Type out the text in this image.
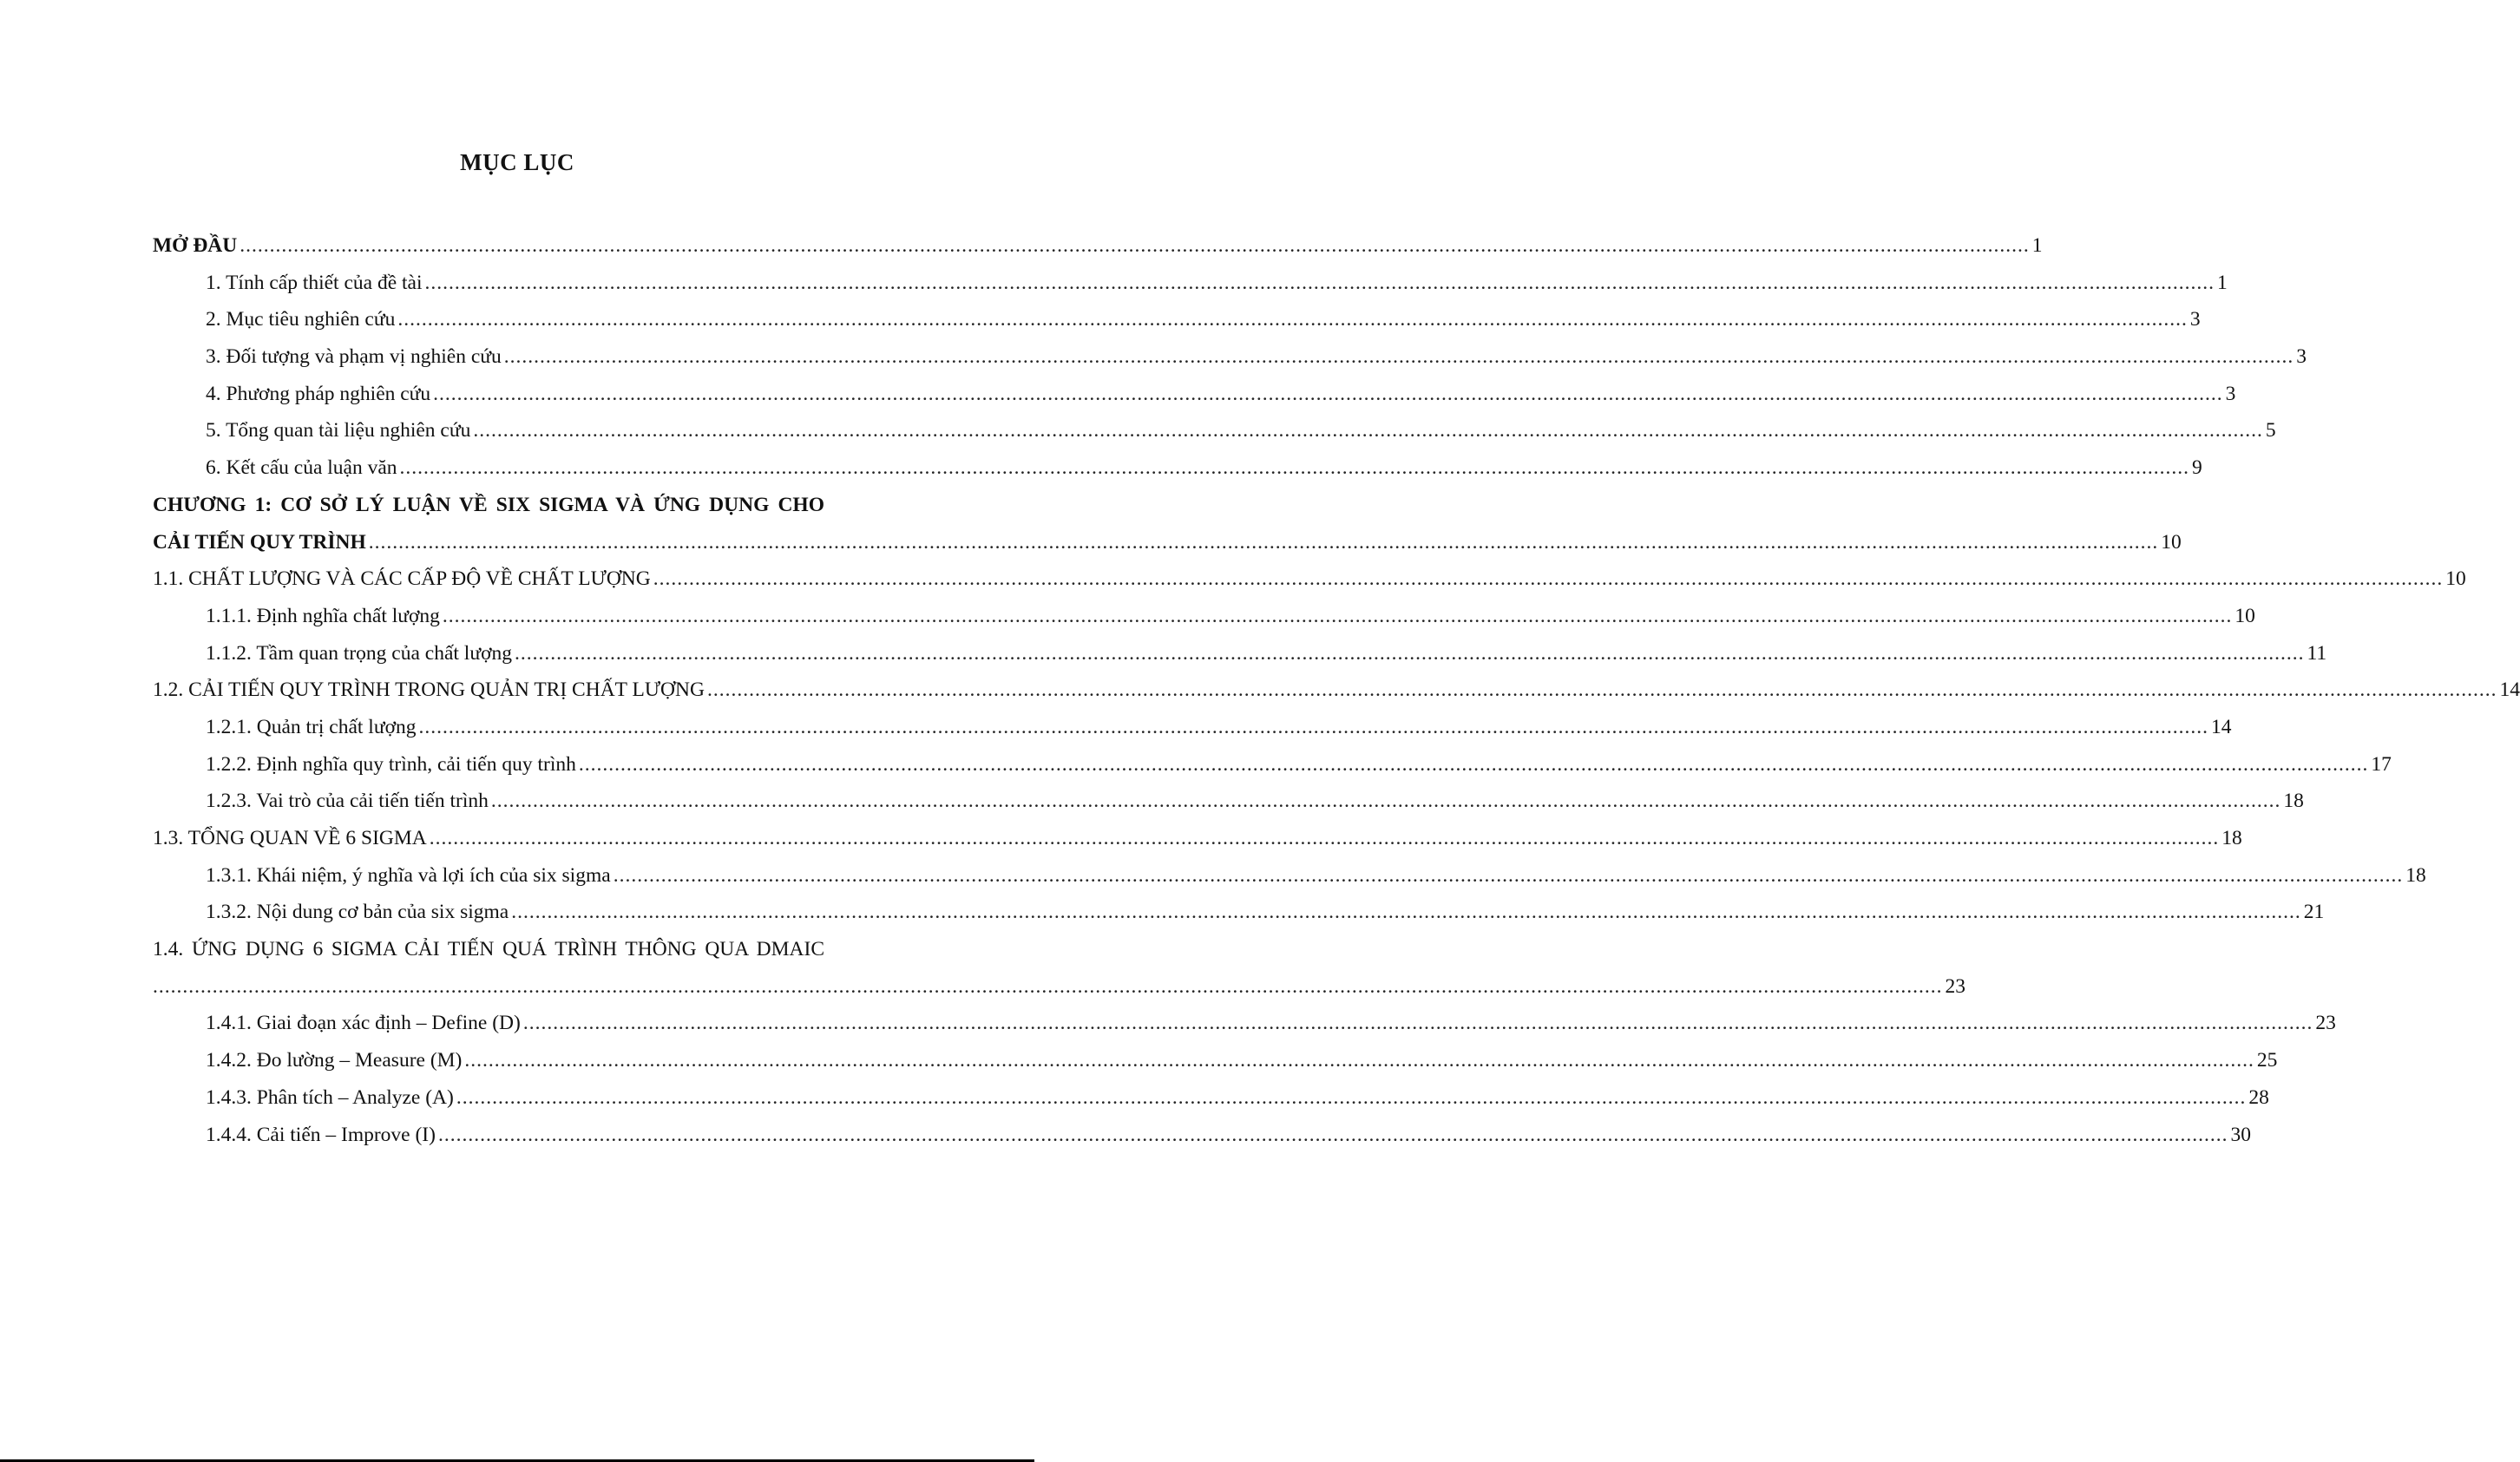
MỤC LỤC
MỞ ĐẦU ............................................................................................................................................................................................................................................................................................................ 1
1. Tính cấp thiết của đề tài ............................................................................................................................................................................................................................................................................................................ 1
2. Mục tiêu nghiên cứu ............................................................................................................................................................................................................................................................................................................ 3
3. Đối tượng và phạm vị nghiên cứu ............................................................................................................................................................................................................................................................................................................ 3
4. Phương pháp nghiên cứu ............................................................................................................................................................................................................................................................................................................ 3
5. Tổng quan tài liệu nghiên cứu ............................................................................................................................................................................................................................................................................................................ 5
6. Kết cấu của luận văn ............................................................................................................................................................................................................................................................................................................ 9
CHƯƠNG 1: CƠ SỞ LÝ LUẬN VỀ SIX SIGMA VÀ ỨNG DỤNG CHO
CẢI TIẾN QUY TRÌNH ............................................................................................................................................................................................................................................................................................................ 10
1.1. CHẤT LƯỢNG VÀ CÁC CẤP ĐỘ VỀ CHẤT LƯỢNG ............................................................................................................................................................................................................................................................................................................ 10
1.1.1. Định nghĩa chất lượng ............................................................................................................................................................................................................................................................................................................ 10
1.1.2. Tầm quan trọng của chất lượng ............................................................................................................................................................................................................................................................................................................ 11
1.2. CẢI TIẾN QUY TRÌNH TRONG QUẢN TRỊ CHẤT LƯỢNG ............................................................................................................................................................................................................................................................................................................ 14
1.2.1. Quản trị chất lượng ............................................................................................................................................................................................................................................................................................................ 14
1.2.2. Định nghĩa quy trình, cải tiến quy trình ............................................................................................................................................................................................................................................................................................................ 17
1.2.3. Vai trò của cải tiến tiến trình ............................................................................................................................................................................................................................................................................................................ 18
1.3. TỔNG QUAN VỀ 6 SIGMA ............................................................................................................................................................................................................................................................................................................ 18
1.3.1. Khái niệm, ý nghĩa và lợi ích của six sigma ............................................................................................................................................................................................................................................................................................................ 18
1.3.2. Nội dung cơ bản của six sigma ............................................................................................................................................................................................................................................................................................................ 21
1.4. ỨNG DỤNG 6 SIGMA CẢI TIẾN QUÁ TRÌNH THÔNG QUA DMAIC
............................................................................................................................................................................................................................................................................................................ 23
1.4.1. Giai đoạn xác định – Define (D) ............................................................................................................................................................................................................................................................................................................ 23
1.4.2. Đo lường – Measure (M) ............................................................................................................................................................................................................................................................................................................ 25
1.4.3. Phân tích – Analyze (A) ............................................................................................................................................................................................................................................................................................................ 28
1.4.4. Cải tiến – Improve (I) ............................................................................................................................................................................................................................................................................................................ 30
